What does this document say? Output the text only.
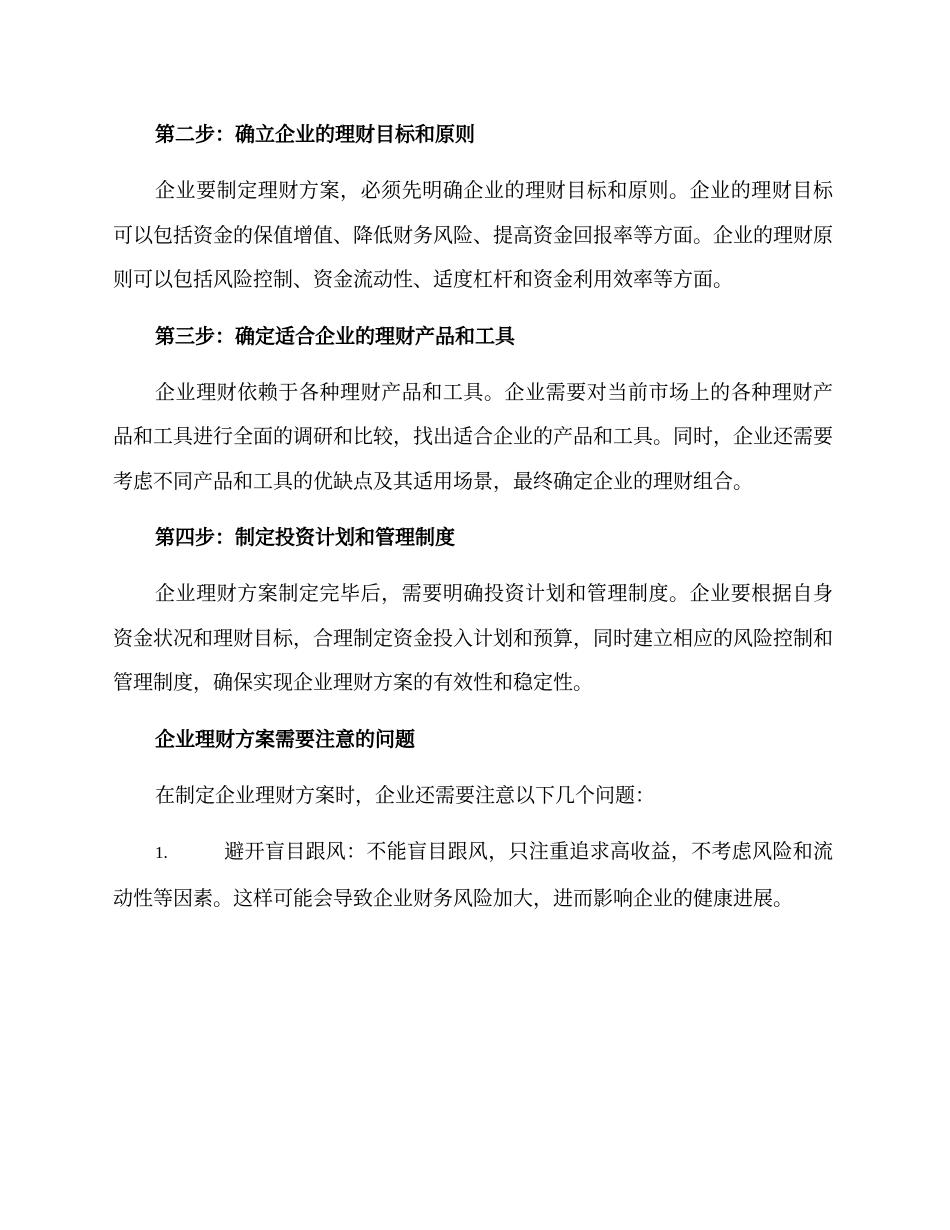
第二步：确立企业的理财目标和原则

企业要制定理财方案，必须先明确企业的理财目标和原则。企业的理财目标可以包括资金的保值增值、降低财务风险、提高资金回报率等方面。企业的理财原则可以包括风险控制、资金流动性、适度杠杆和资金利用效率等方面。

第三步：确定适合企业的理财产品和工具

企业理财依赖于各种理财产品和工具。企业需要对当前市场上的各种理财产品和工具进行全面的调研和比较，找出适合企业的产品和工具。同时，企业还需要考虑不同产品和工具的优缺点及其适用场景，最终确定企业的理财组合。

第四步：制定投资计划和管理制度

企业理财方案制定完毕后，需要明确投资计划和管理制度。企业要根据自身资金状况和理财目标，合理制定资金投入计划和预算，同时建立相应的风险控制和管理制度，确保实现企业理财方案的有效性和稳定性。

企业理财方案需要注意的问题

在制定企业理财方案时，企业还需要注意以下几个问题：

1.	避开盲目跟风：不能盲目跟风，只注重追求高收益，不考虑风险和流动性等因素。这样可能会导致企业财务风险加大，进而影响企业的健康进展。
